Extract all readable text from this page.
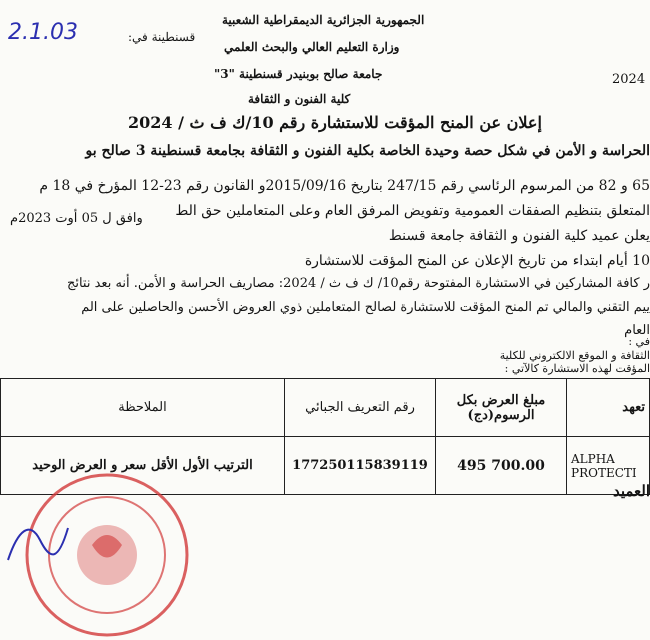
الجمهورية الجزائرية الديمقراطية الشعبية
وزارة التعليم العالي والبحث العلمي
جامعة صالح بوبنيدر قسنطينة "3"
كلية الفنون و الثقافة
قسنطينة في:
2.1.03
2024
إعلان عن المنح المؤقت للاستشارة رقم 10/ك ف ث / 2024
الحراسة و الأمن في شكل حصة وحيدة الخاصة بكلية الفنون و الثقافة بجامعة قسنطينة 3 صالح بو
65 و 82 من المرسوم الرئاسي رقم 247/15 بتاريخ 2015/09/16و القانون رقم 23-12 المؤرخ في 18 م
المتعلق بتنظيم الصفقات العمومية وتفويض المرفق العام وعلى المتعاملين حق الط
وافق ل 05 أوت 2023م
يعلن عميد كلية الفنون و الثقافة جامعة قسنط
10 أيام ابتداء من تاريخ الإعلان عن المنح المؤقت للاستشارة
ر كافة المشاركين في الاستشارة المفتوحة رقم10/ ك ف ث / 2024: مصاريف الحراسة و الأمن. أنه بعد نتائج
ييم التقني والمالي تم المنح المؤقت للاستشارة لصالح المتعاملين ذوي العروض الأحسن والحاصلين على الم
العام
في :
الثقافة و الموقع الالكتروني للكلية
المؤقت لهذه الاستشارة كالآتي :
تعهد	مبلغ العرض بكل الرسوم(دج)	رقم التعريف الجبائي	الملاحظة
ALPHA PROTECTI	495 700.00	177250115839119	الترتيب الأول الأقل سعر و العرض الوحيد
العميد
